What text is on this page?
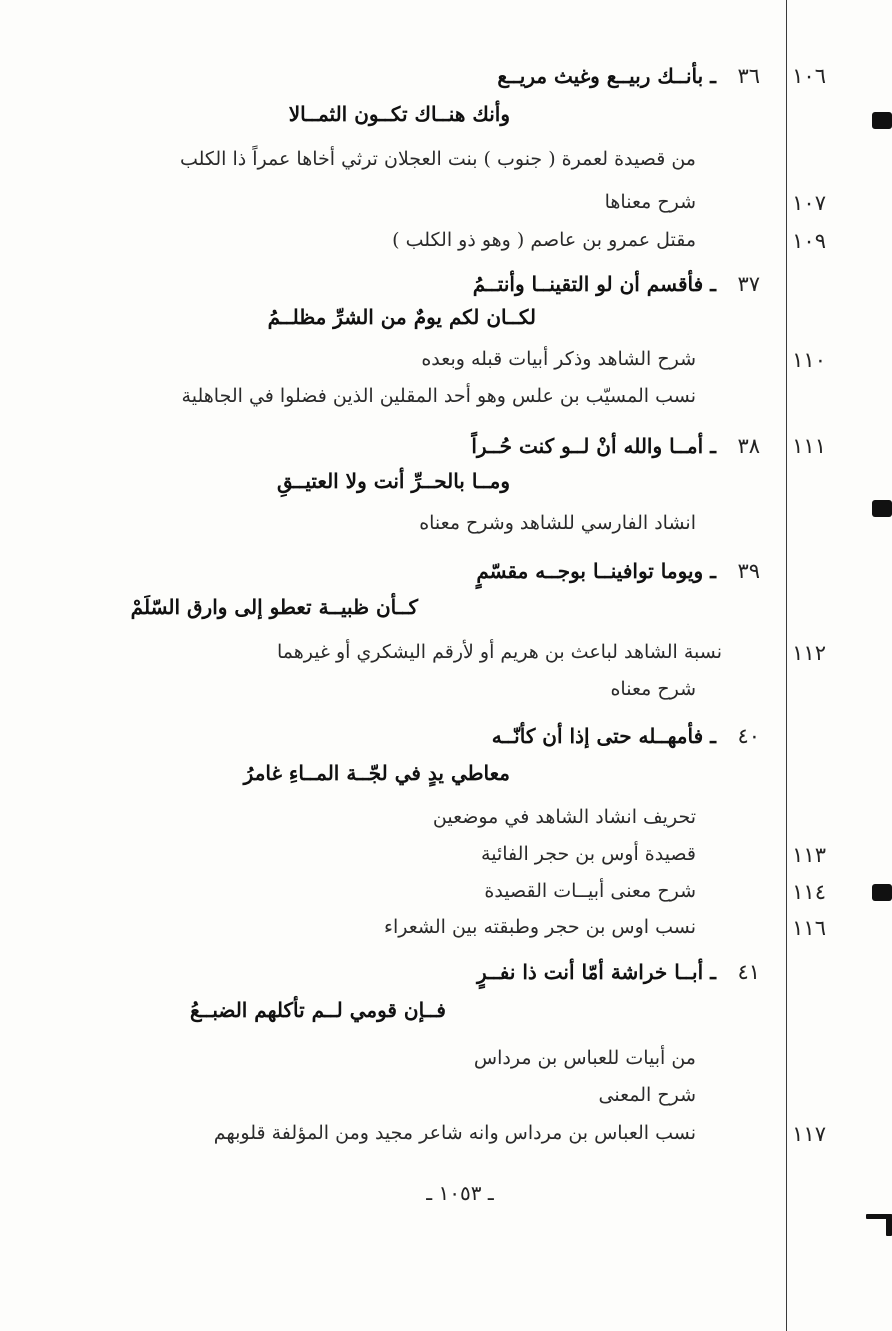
١٠٦
٣٦
ـ بأنــك ربيــع وغيث مريــع
وأنك هنــاك تكــون الثمــالا
من قصيدة لعمرة ( جنوب ) بنت العجلان ترثي أخاها عمراً ذا الكلب
١٠٧
شرح معناها
١٠٩
مقتل عمرو بن عاصم ( وهو ذو الكلب )
٣٧
ـ فأقسم أن لو التقينــا وأنتــمُ
لكــان لكم يومٌ من الشرِّ مظلــمُ
١١٠
شرح الشاهد وذكر أبيات قبله وبعده
نسب المسيّب بن علس وهو أحد المقلين الذين فضلوا في الجاهلية
١١١
٣٨
ـ أمــا والله أنْ لــو كنت حُــراً
ومــا بالحــرِّ أنت ولا العتيــقِ
انشاد الفارسي للشاهد وشرح معناه
٣٩
ـ ويوما توافينــا بوجــه مقسّمٍ
كــأن ظبيــة تعطو إلى وارق السّلَمْ
١١٢
نسبة الشاهد لباعث بن هريم أو لأرقم اليشكري أو غيرهما
شرح معناه
٤٠
ـ فأمهــله حتى إذا أن كأنّــه
معاطي يدٍ في لجّــة المــاءِ غامرُ
تحريف انشاد الشاهد في موضعين
١١٣
قصيدة أوس بن حجر الفائية
١١٤
شرح معنى أبيــات القصيدة
١١٦
نسب اوس بن حجر وطبقته بين الشعراء
٤١
ـ أبــا خراشة أمّا أنت ذا نفــرٍ
فــإن قومي لــم تأكلهم الضبــعُ
من أبيات للعباس بن مرداس
شرح المعنى
١١٧
نسب العباس بن مرداس وانه شاعر مجيد ومن المؤلفة قلوبهم
ـ ١٠٥٣ ـ
